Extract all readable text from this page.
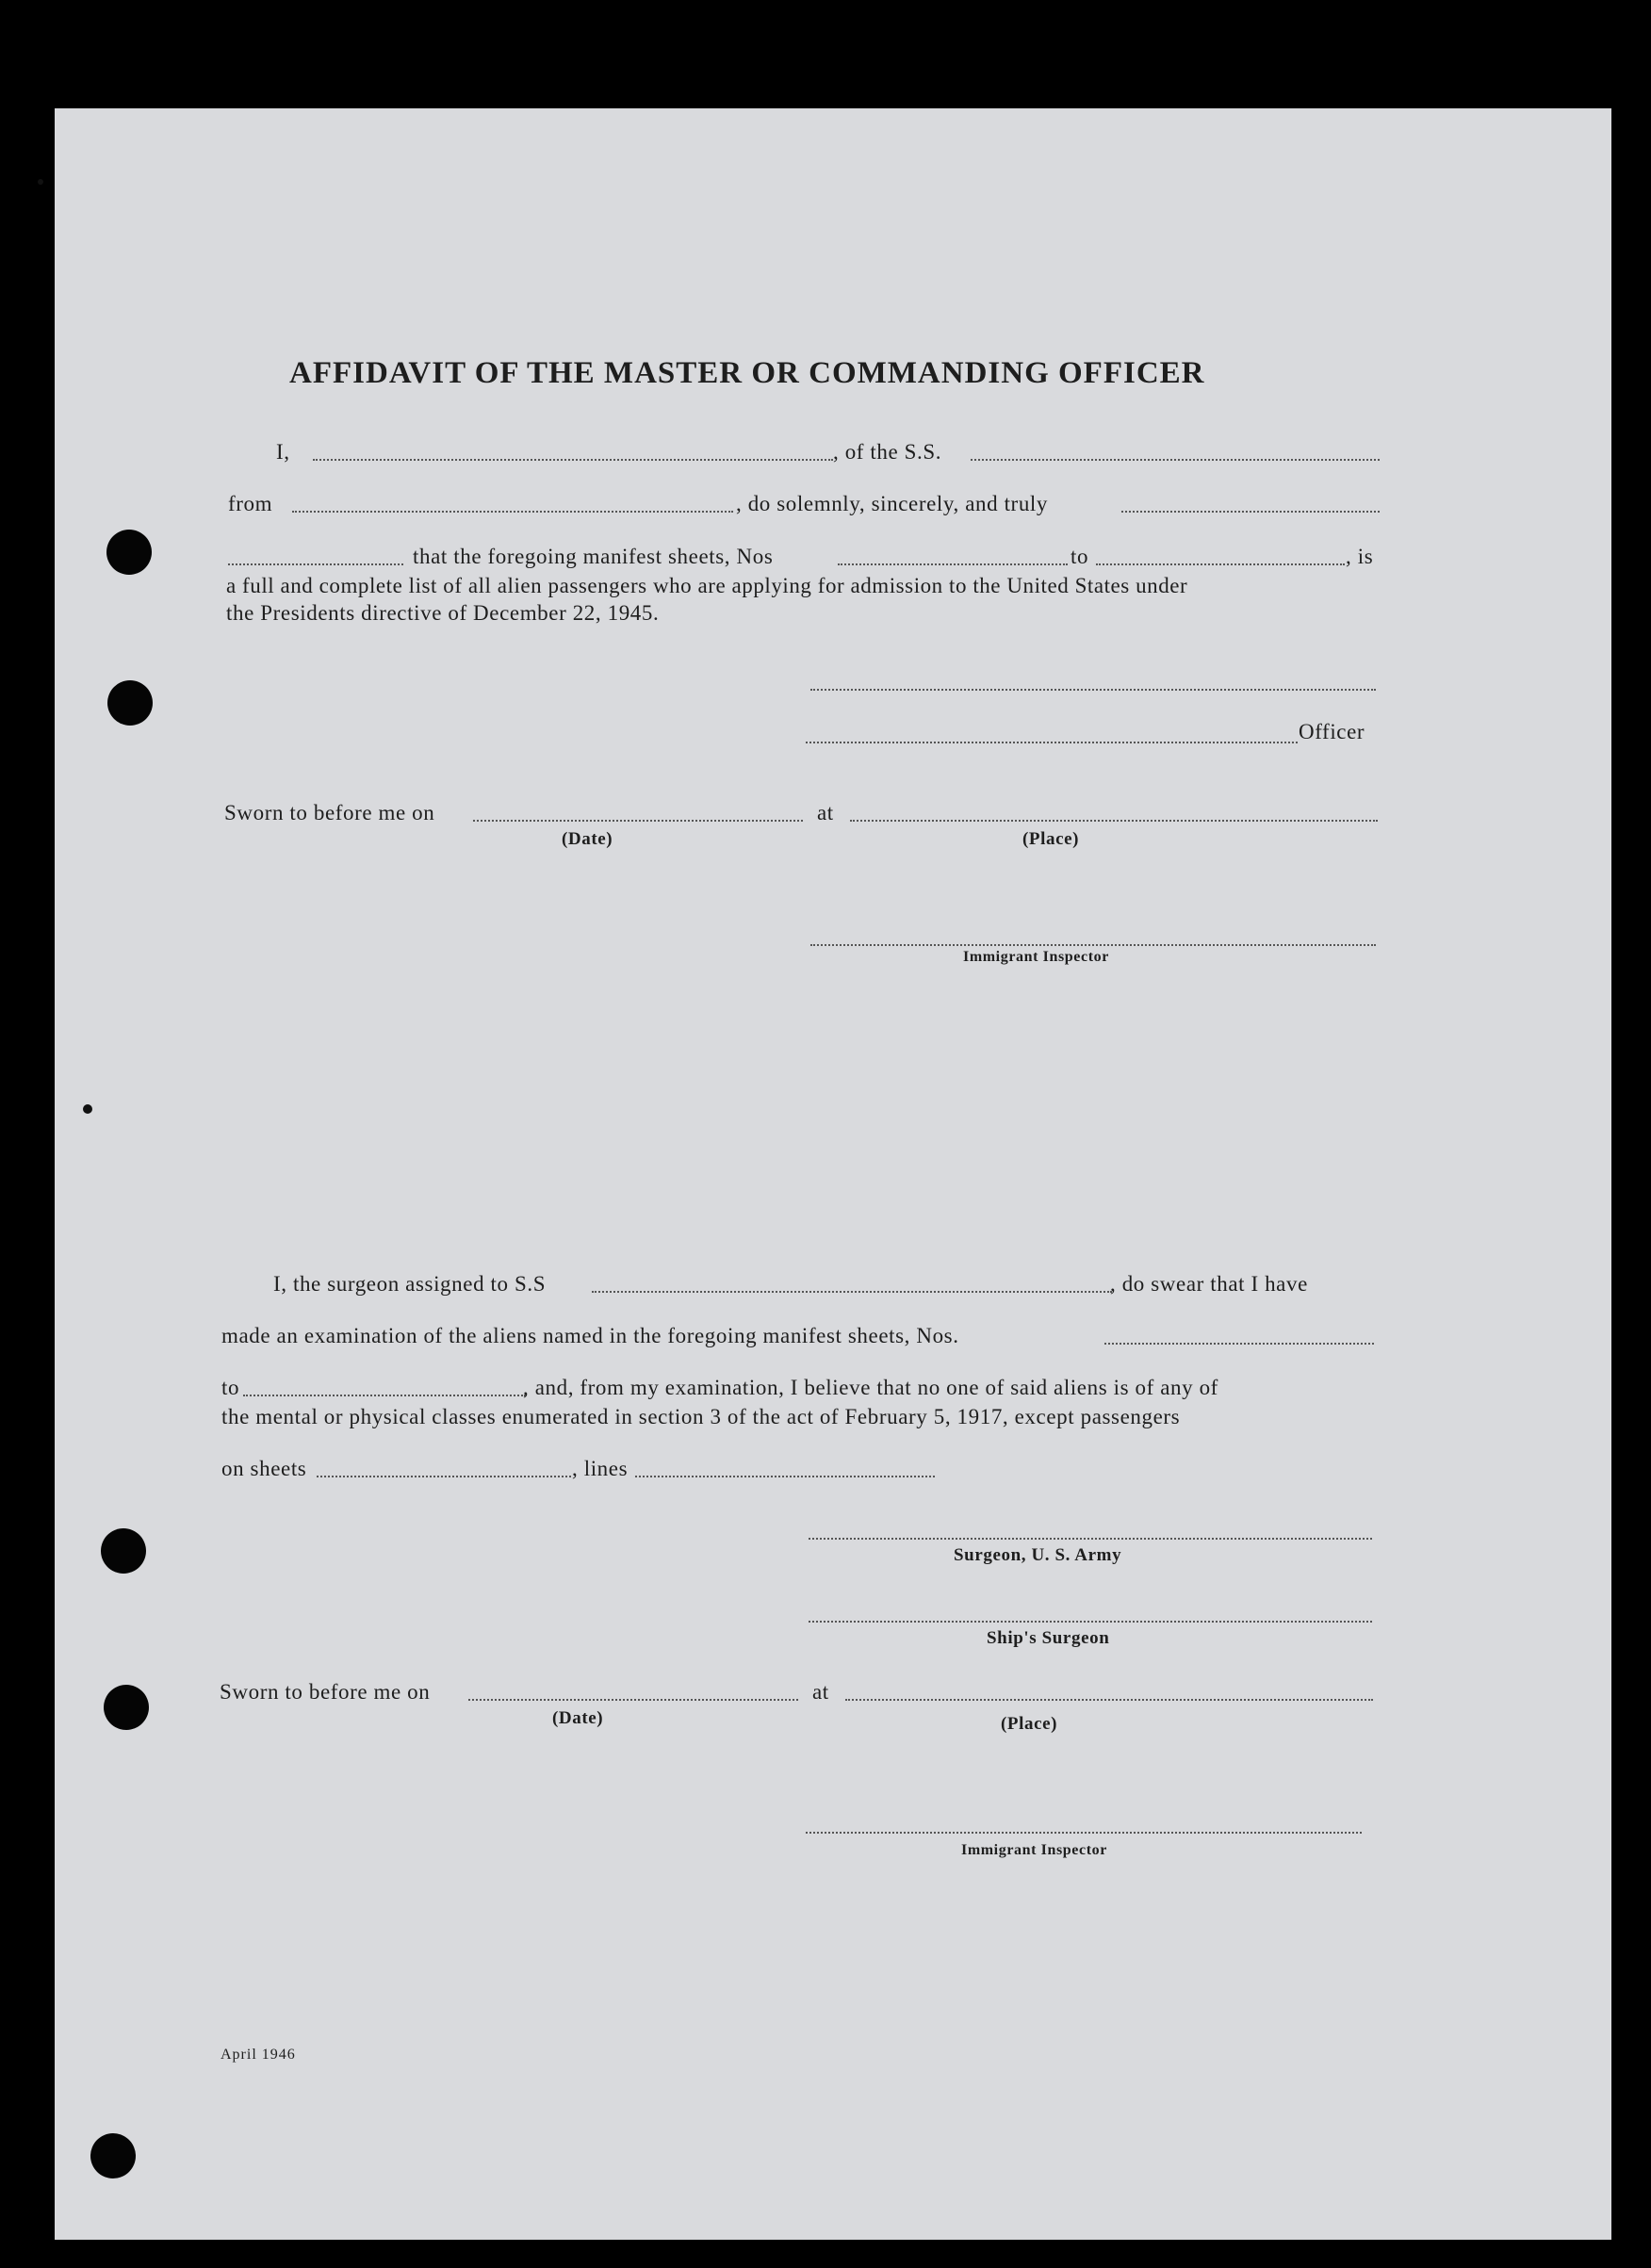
AFFIDAVIT OF THE MASTER OR COMMANDING OFFICER
I,	, of the S.S.
from	, do solemnly, sincerely, and truly
that the foregoing manifest sheets, Nos	to	, is
a full and complete list of all alien passengers who are applying for admission to the United States under
the Presidents directive of December 22, 1945.
Officer
Sworn to before me on	at
(Date)	(Place)
Immigrant Inspector
I, the surgeon assigned to S.S	, do swear that I have
made an examination of the aliens named in the foregoing manifest sheets, Nos.
to	, and, from my examination, I believe that no one of said aliens is of any of
the mental or physical classes enumerated in section 3 of the act of February 5, 1917, except passengers
on sheets	, lines
Surgeon, U. S. Army
Ship's Surgeon
Sworn to before me on	at
(Date)	(Place)
Immigrant Inspector
April 1946
